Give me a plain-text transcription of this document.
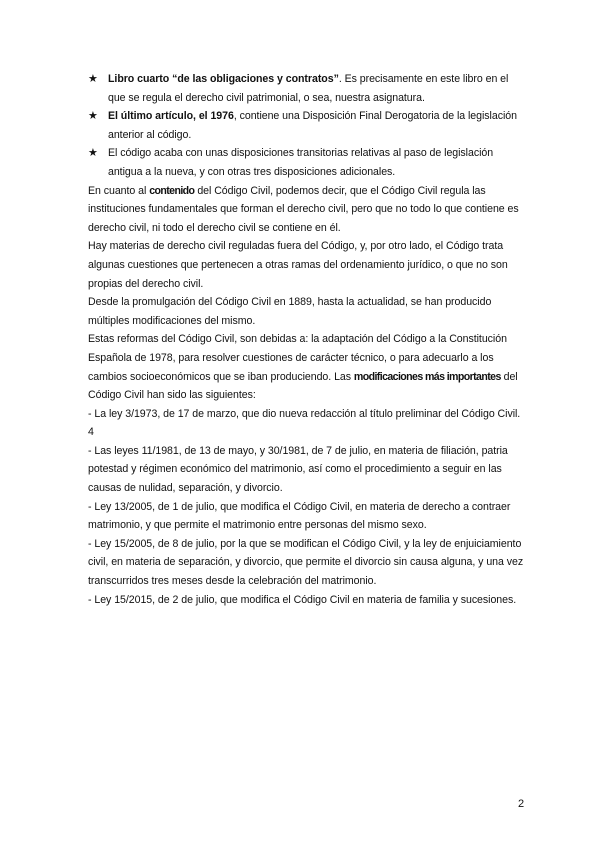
★ Libro cuarto “de las obligaciones y contratos”. Es precisamente en este libro en el que se regula el derecho civil patrimonial, o sea, nuestra asignatura.
★ El último artículo, el 1976, contiene una Disposición Final Derogatoria de la legislación anterior al código.
★ El código acaba con unas disposiciones transitorias relativas al paso de legislación antigua a la nueva, y con otras tres disposiciones adicionales.

En cuanto al contenido del Código Civil, podemos decir, que el Código Civil regula las instituciones fundamentales que forman el derecho civil, pero que no todo lo que contiene es derecho civil, ni todo el derecho civil se contiene en él.

Hay materias de derecho civil reguladas fuera del Código, y, por otro lado, el Código trata algunas cuestiones que pertenecen a otras ramas del ordenamiento jurídico, o que no son propias del derecho civil.

Desde la promulgación del Código Civil en 1889, hasta la actualidad, se han producido múltiples modificaciones del mismo.

Estas reformas del Código Civil, son debidas a: la adaptación del Código a la Constitución Española de 1978, para resolver cuestiones de carácter técnico, o para adecuarlo a los cambios socioeconómicos que se iban produciendo. Las modificaciones más importantes del Código Civil han sido las siguientes:

- La ley 3/1973, de 17 de marzo, que dio nueva redacción al título preliminar del Código Civil. 4

- Las leyes 11/1981, de 13 de mayo, y 30/1981, de 7 de julio, en materia de filiación, patria potestad y régimen económico del matrimonio, así como el procedimiento a seguir en las causas de nulidad, separación, y divorcio.

- Ley 13/2005, de 1 de julio, que modifica el Código Civil, en materia de derecho a contraer matrimonio, y que permite el matrimonio entre personas del mismo sexo.

- Ley 15/2005, de 8 de julio, por la que se modifican el Código Civil, y la ley de enjuiciamiento civil, en materia de separación, y divorcio, que permite el divorcio sin causa alguna, y una vez transcurridos tres meses desde la celebración del matrimonio.

- Ley 15/2015, de 2 de julio, que modifica el Código Civil en materia de familia y sucesiones.

2
